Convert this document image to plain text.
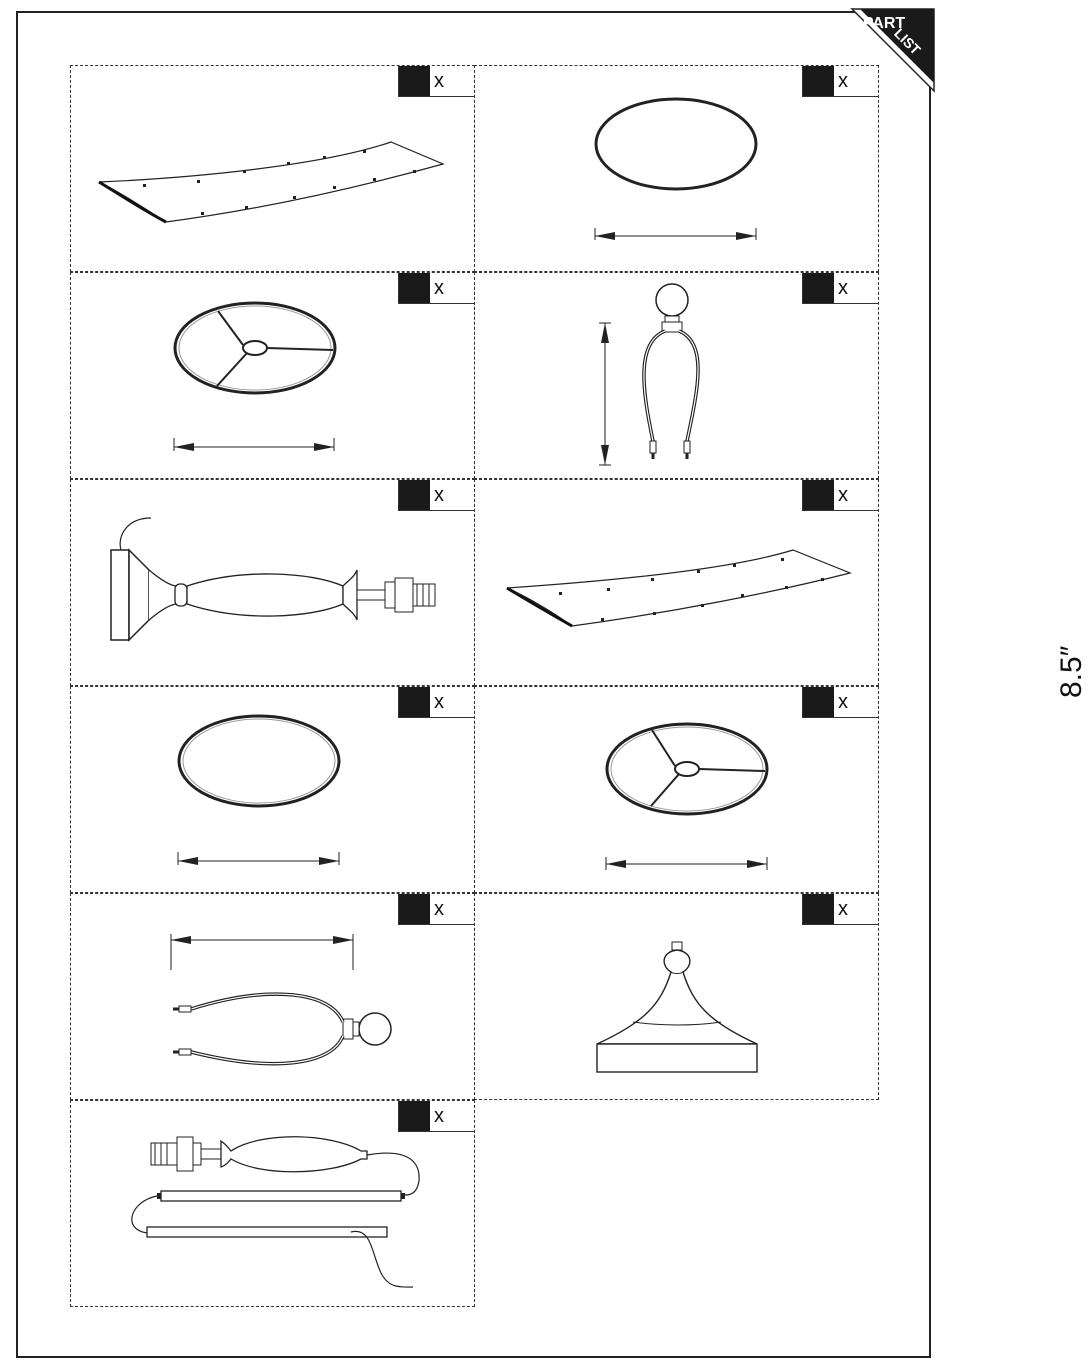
PART
LIST
x	x
x
8.5″
x
x	x
x	x
x	x
x
